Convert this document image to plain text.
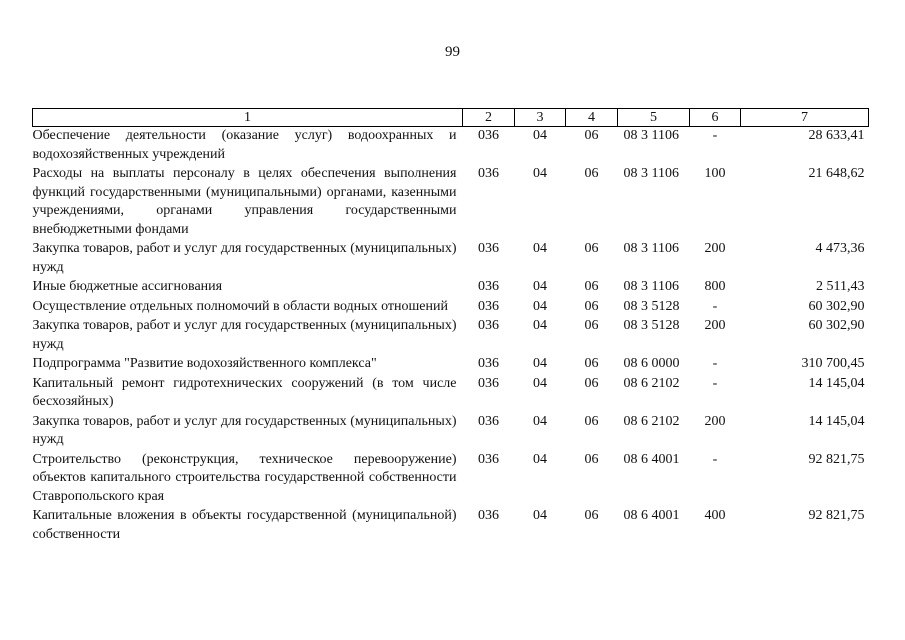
99
1	2	3	4	5	6	7
Обеспечение деятельности (оказание услуг) водоохранных и водохозяйственных учреждений	036	04	06	08 3 1106	-	28 633,41
Расходы на выплаты персоналу в целях обеспечения выполнения функций государственными (муниципальными) органами, казенными учреждениями, органами управления государственными внебюджетными фондами	036	04	06	08 3 1106	100	21 648,62
Закупка товаров, работ и услуг для государственных (муниципальных) нужд	036	04	06	08 3 1106	200	4 473,36
Иные бюджетные ассигнования	036	04	06	08 3 1106	800	2 511,43
Осуществление отдельных полномочий в области водных отношений	036	04	06	08 3 5128	-	60 302,90
Закупка товаров, работ и услуг для государственных (муниципальных) нужд	036	04	06	08 3 5128	200	60 302,90
Подпрограмма "Развитие водохозяйственного комплекса"	036	04	06	08 6 0000	-	310 700,45
Капитальный ремонт гидротехнических сооружений (в том числе бесхозяйных)	036	04	06	08 6 2102	-	14 145,04
Закупка товаров, работ и услуг для государственных (муниципальных) нужд	036	04	06	08 6 2102	200	14 145,04
Строительство (реконструкция, техническое перевооружение) объектов капитального строительства государственной собственности Ставропольского края	036	04	06	08 6 4001	-	92 821,75
Капитальные вложения в объекты государственной (муниципальной) собственности	036	04	06	08 6 4001	400	92 821,75
